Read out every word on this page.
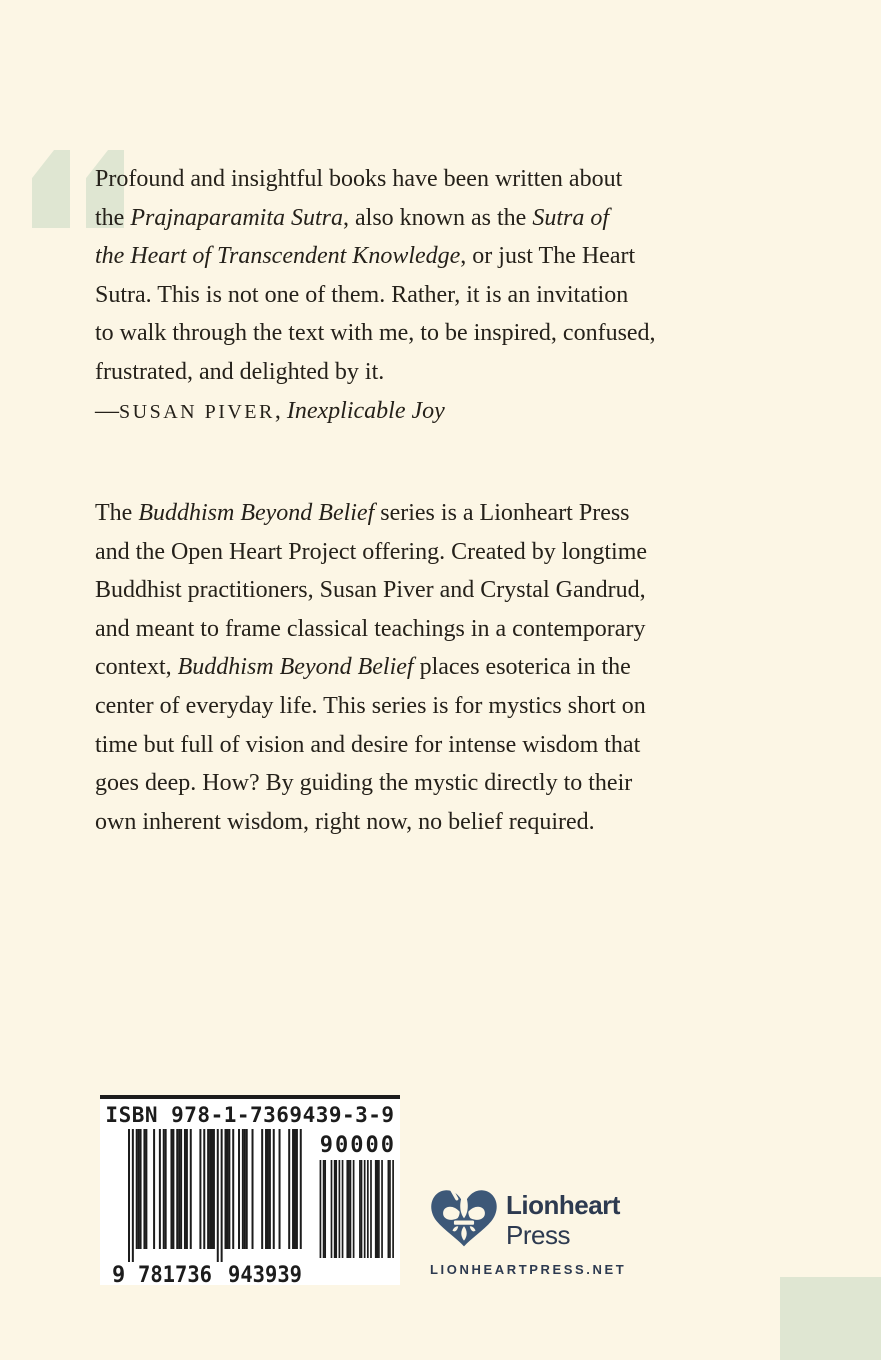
Profound and insightful books have been written about
the Prajnaparamita Sutra, also known as the Sutra of
the Heart of Transcendent Knowledge, or just The Heart
Sutra. This is not one of them. Rather, it is an invitation
to walk through the text with me, to be inspired, confused,
frustrated, and delighted by it.
—SUSAN PIVER, Inexplicable Joy
The Buddhism Beyond Belief series is a Lionheart Press
and the Open Heart Project offering. Created by longtime
Buddhist practitioners, Susan Piver and Crystal Gandrud,
and meant to frame classical teachings in a contemporary
context, Buddhism Beyond Belief places esoterica in the
center of everyday life. This series is for mystics short on
time but full of vision and desire for intense wisdom that
goes deep. How? By guiding the mystic directly to their
own inherent wisdom, right now, no belief required.
ISBN 978-1-7369439-3-9
9 781736 943939
90000
Lionheart
Press
LIONHEARTPRESS.NET
